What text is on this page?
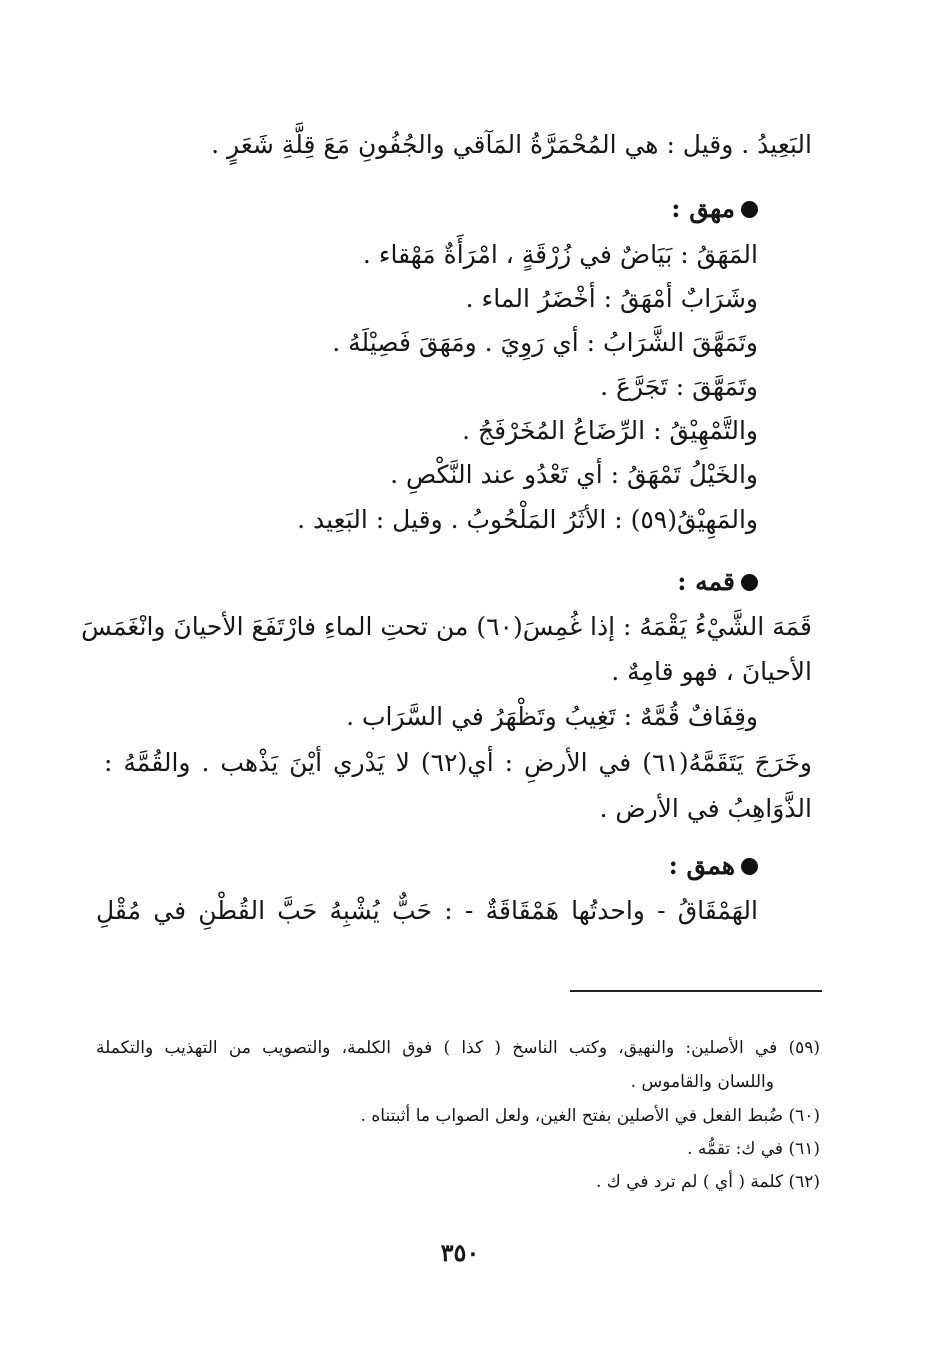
البَعِيدُ . وقيل : هي المُحْمَرَّةُ المَآقي والجُفُونِ مَعَ قِلَّةِ شَعَرٍ .
مهق :
المَهَقُ : بَيَاضٌ في زُرْقَةٍ ، امْرَأَةٌ مَهْقاء .
وشَرَابٌ أمْهَقُ : أخْضَرُ الماء .
وتَمَهَّقَ الشَّرَابُ : أي رَوِيَ . ومَهَقَ فَصِيْلَهُ .
وتَمَهَّقَ : تَجَرَّعَ .
والتَّمْهِيْقُ : الرِّضَاعُ المُخَرْفَجُ .
والخَيْلُ تَمْهَقُ : أي تَعْدُو عند النَّكْصِ .
والمَهِيْقُ(٥٩) : الأثَرُ المَلْحُوبُ . وقيل : البَعِيد .
قمه :
قَمَهَ الشَّيْءُ يَقْمَهُ : إذا غُمِسَ(٦٠) من تحتِ الماءِ فارْتَفَعَ الأحيانَ وانْغَمَسَ
الأحيانَ ، فهو قامِهٌ .
وقِفَافٌ قُمَّهٌ : تَغِيبُ وتَظْهَرُ في السَّرَاب .
وخَرَجَ يَتَقَمَّهُ(٦١) في الأرضِ : أي(٦٢) لا يَدْري أيْنَ يَذْهب . والقُمَّهُ :
الذَّوَاهِبُ في الأرض .
همق :
الهَمْقَاقُ - واحدتُها هَمْقَاقَةٌ - : حَبٌّ يُشْبِهُ حَبَّ القُطْنِ في مُقْلِ
(٥٩) في الأصلين: والنهيق، وكتب الناسخ ( كذا ) فوق الكلمة، والتصويب من التهذيب والتكملة
واللسان والقاموس .
(٦٠) ضُبط الفعل في الأصلين بفتح الغين، ولعل الصواب ما أثبتناه .
(٦١) في ك: تقمُّه .
(٦٢) كلمة ( أي ) لم ترد في ك .
٣٥٠
